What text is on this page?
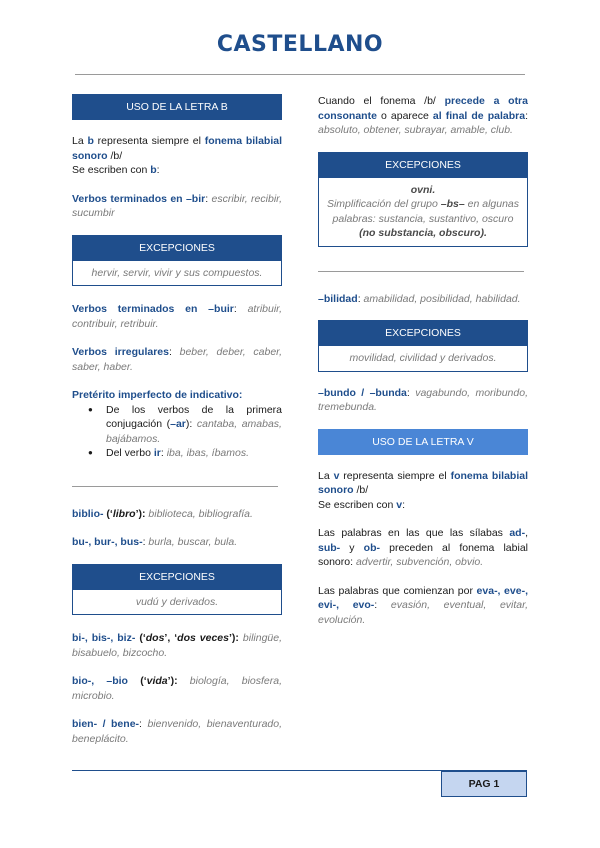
CASTELLANO
USO DE LA LETRA B
La b representa siempre el fonema bilabial sonoro /b/
Se escriben con b:
Verbos terminados en –bir: escribir, recibir, sucumbir
EXCEPCIONES
hervir, servir, vivir y sus compuestos.
Verbos terminados en –buir: atribuir, contribuir, retribuir.
Verbos irregulares: beber, deber, caber, saber, haber.
Pretérito imperfecto de indicativo:
● De los verbos de la primera conjugación (–ar): cantaba, amabas, bajábamos.
● Del verbo ir: iba, ibas, íbamos.
biblio- (‘libro’): biblioteca, bibliografía.
bu-, bur-, bus-: burla, buscar, bula.
EXCEPCIONES
vudú y derivados.
bi-, bis-, biz- (‘dos’, ‘dos veces’): bilingüe, bisabuelo, bizcocho.
bio-, –bio (‘vida’): biología, biosfera, microbio.
bien- / bene-: bienvenido, bienaventurado, beneplácito.
Cuando el fonema /b/ precede a otra consonante o aparece al final de palabra: absoluto, obtener, subrayar, amable, club.
EXCEPCIONES
ovni.
Simplificación del grupo –bs– en algunas palabras: sustancia, sustantivo, oscuro
(no substancia, obscuro).
–bilidad: amabilidad, posibilidad, habilidad.
EXCEPCIONES
movilidad, civilidad y derivados.
–bundo / –bunda: vagabundo, moribundo, tremebunda.
USO DE LA LETRA V
La v representa siempre el fonema bilabial sonoro /b/
Se escriben con v:
Las palabras en las que las sílabas ad-, sub- y ob- preceden al fonema labial sonoro: advertir, subvención, obvio.
Las palabras que comienzan por eva-, eve-, evi-, evo-: evasión, eventual, evitar, evolución.
PAG 1
